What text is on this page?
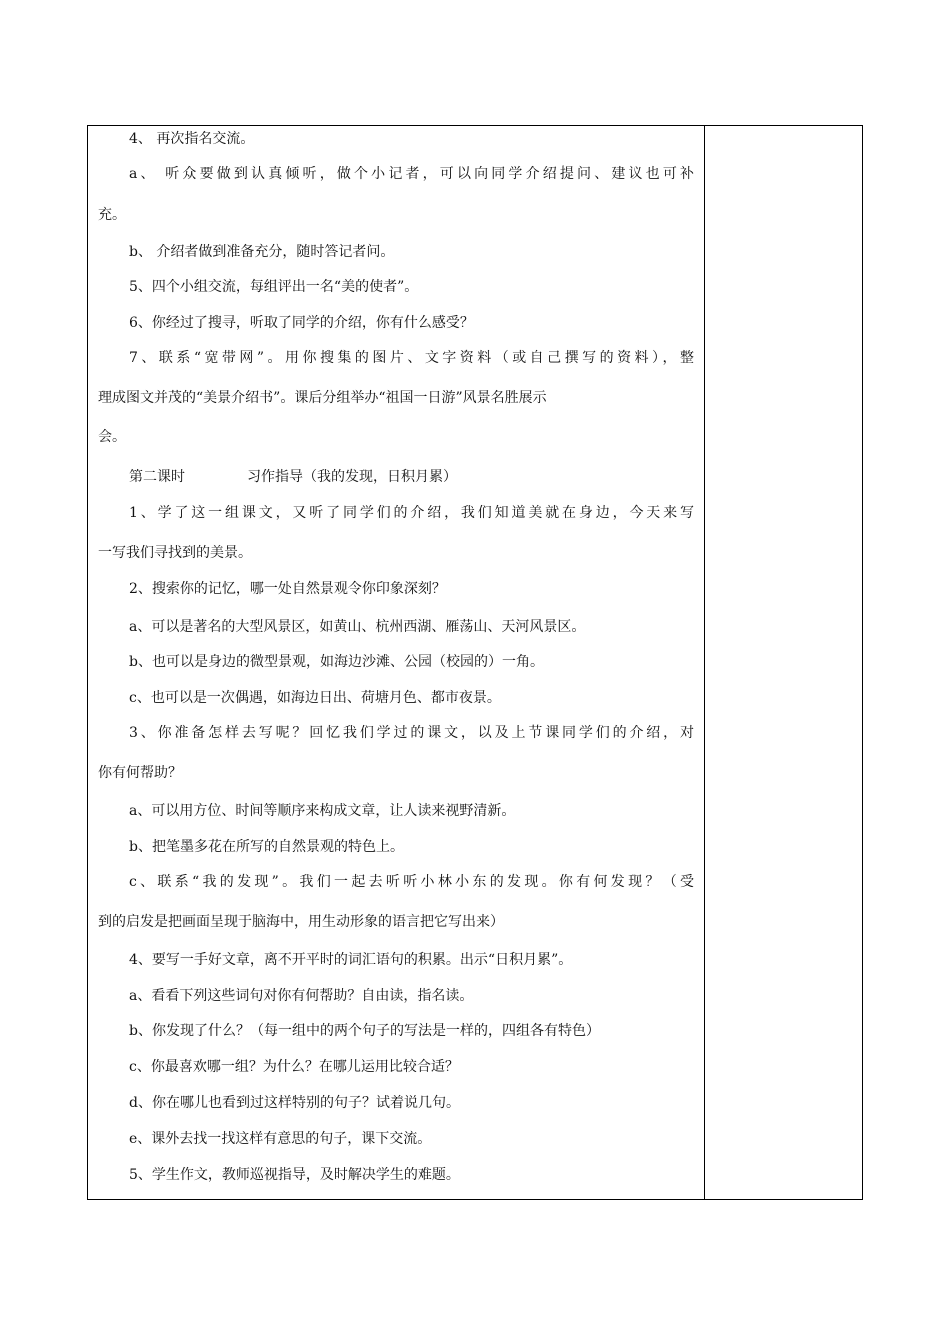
4、 再次指名交流。
a、 听众要做到认真倾听，做个小记者，可以向同学介绍提问、建议也可补
充。
b、 介绍者做到准备充分，随时答记者问。
5、四个小组交流，每组评出一名“美的使者”。
6、你经过了搜寻，听取了同学的介绍，你有什么感受？
7、联系“宽带网”。用你搜集的图片、文字资料（或自己撰写的资料），整
理成图文并茂的“美景介绍书”。课后分组举办“祖国一日游”风景名胜展示
会。
第二课时	习作指导（我的发现，日积月累）
1、学了这一组课文，又听了同学们的介绍，我们知道美就在身边，今天来写
一写我们寻找到的美景。
2、搜索你的记忆，哪一处自然景观令你印象深刻？
a、可以是著名的大型风景区，如黄山、杭州西湖、雁荡山、天河风景区。
b、也可以是身边的微型景观，如海边沙滩、公园（校园的）一角。
c、也可以是一次偶遇，如海边日出、荷塘月色、都市夜景。
3、你准备怎样去写呢？回忆我们学过的课文，以及上节课同学们的介绍，对
你有何帮助？
a、可以用方位、时间等顺序来构成文章，让人读来视野清新。
b、把笔墨多花在所写的自然景观的特色上。
c、联系“我的发现”。我们一起去听听小林小东的发现。你有何发现？（受
到的启发是把画面呈现于脑海中，用生动形象的语言把它写出来）
4、要写一手好文章，离不开平时的词汇语句的积累。出示“日积月累”。
a、看看下列这些词句对你有何帮助？自由读，指名读。
b、你发现了什么？（每一组中的两个句子的写法是一样的，四组各有特色）
c、你最喜欢哪一组？为什么？在哪儿运用比较合适？
d、你在哪儿也看到过这样特别的句子？试着说几句。
e、课外去找一找这样有意思的句子，课下交流。
5、学生作文，教师巡视指导，及时解决学生的难题。
